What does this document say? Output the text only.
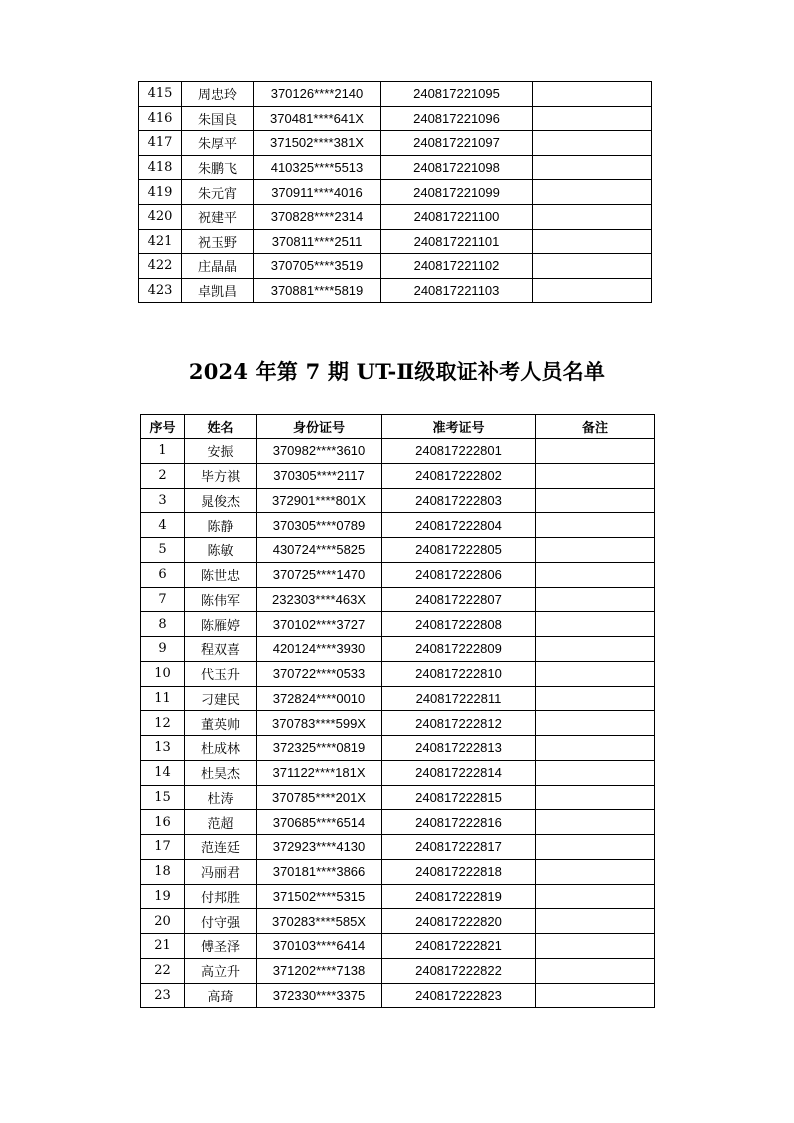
415	周忠玲	370126****2140	240817221095	
416	朱国良	370481****641X	240817221096	
417	朱厚平	371502****381X	240817221097	
418	朱鹏飞	410325****5513	240817221098	
419	朱元宵	370911****4016	240817221099	
420	祝建平	370828****2314	240817221100	
421	祝玉野	370811****2511	240817221101	
422	庄晶晶	370705****3519	240817221102	
423	卓凯昌	370881****5819	240817221103	
2024 年第 7 期 UT-Ⅱ级取证补考人员名单
序号	姓名	身份证号	准考证号	备注
1	安振	370982****3610	240817222801	
2	毕方祺	370305****2117	240817222802	
3	晁俊杰	372901****801X	240817222803	
4	陈静	370305****0789	240817222804	
5	陈敏	430724****5825	240817222805	
6	陈世忠	370725****1470	240817222806	
7	陈伟军	232303****463X	240817222807	
8	陈雁婷	370102****3727	240817222808	
9	程双喜	420124****3930	240817222809	
10	代玉升	370722****0533	240817222810	
11	刁建民	372824****0010	240817222811	
12	董英帅	370783****599X	240817222812	
13	杜成林	372325****0819	240817222813	
14	杜昊杰	371122****181X	240817222814	
15	杜涛	370785****201X	240817222815	
16	范超	370685****6514	240817222816	
17	范连廷	372923****4130	240817222817	
18	冯丽君	370181****3866	240817222818	
19	付邦胜	371502****5315	240817222819	
20	付守强	370283****585X	240817222820	
21	傅圣泽	370103****6414	240817222821	
22	高立升	371202****7138	240817222822	
23	高琦	372330****3375	240817222823	
